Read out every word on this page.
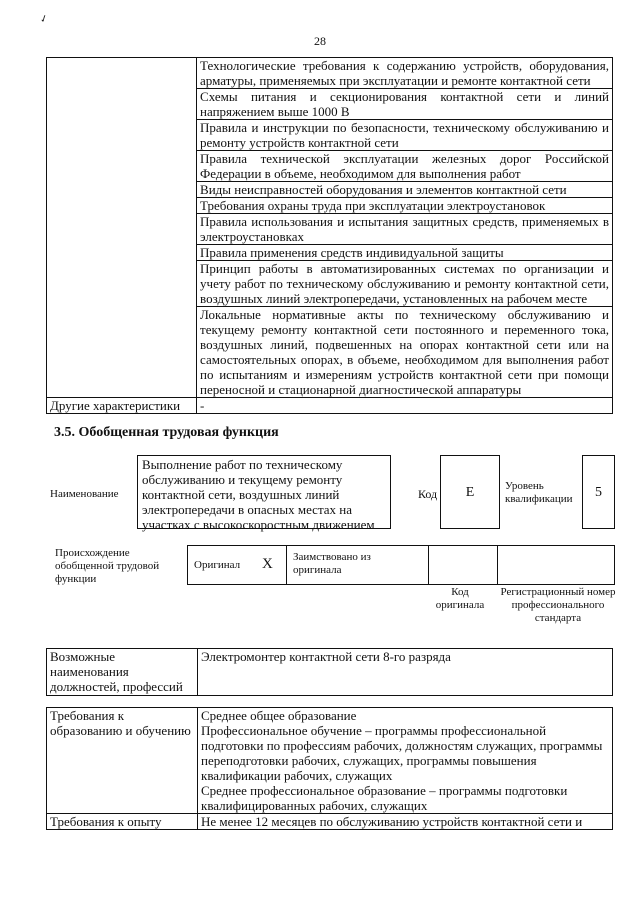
✓
28
	Технологические требования к содержанию устройств, оборудования, арматуры, применяемых при эксплуатации и ремонте контактной сети
	Схемы питания и секционирования контактной сети и линий напряжением выше 1000 В
	Правила и инструкции по безопасности, техническому обслуживанию и ремонту устройств контактной сети
	Правила технической эксплуатации железных дорог Российской Федерации в объеме, необходимом для выполнения работ
	Виды неисправностей оборудования и элементов контактной сети
	Требования охраны труда при эксплуатации электроустановок
	Правила использования и испытания защитных средств, применяемых в электроустановках
	Правила применения средств индивидуальной защиты
	Принцип работы в автоматизированных системах по организации и учету работ по техническому обслуживанию и ремонту контактной сети, воздушных линий электропередачи, установленных на рабочем месте
	Локальные нормативные акты по техническому обслуживанию и текущему ремонту контактной сети постоянного и переменного тока, воздушных линий, подвешенных на опорах контактной сети или на самостоятельных опорах, в объеме, необходимом для выполнения работ по испытаниям и измерениям устройств контактной сети при помощи переносной и стационарной диагностической аппаратуры
Другие характеристики	-
3.5. Обобщенная трудовая функция
Наименование
Выполнение работ по техническому обслуживанию и текущему ремонту контактной сети, воздушных линий электропередачи в опасных местах на участках с высокоскоростным движением
Код	E	Уровень квалификации	5
Происхождение обобщенной трудовой функции
Оригинал X Заимствовано из оригинала
Код оригинала
Регистрационный номер профессионального стандарта
Возможные наименования должностей, профессий	Электромонтер контактной сети 8-го разряда
Требования к образованию и обучению	Среднее общее образование
Профессиональное обучение – программы профессиональной подготовки по профессиям рабочих, должностям служащих, программы переподготовки рабочих, служащих, программы повышения квалификации рабочих, служащих
Среднее профессиональное образование – программы подготовки квалифицированных рабочих, служащих

Требования к опыту	Не менее 12 месяцев по обслуживанию устройств контактной сети и
